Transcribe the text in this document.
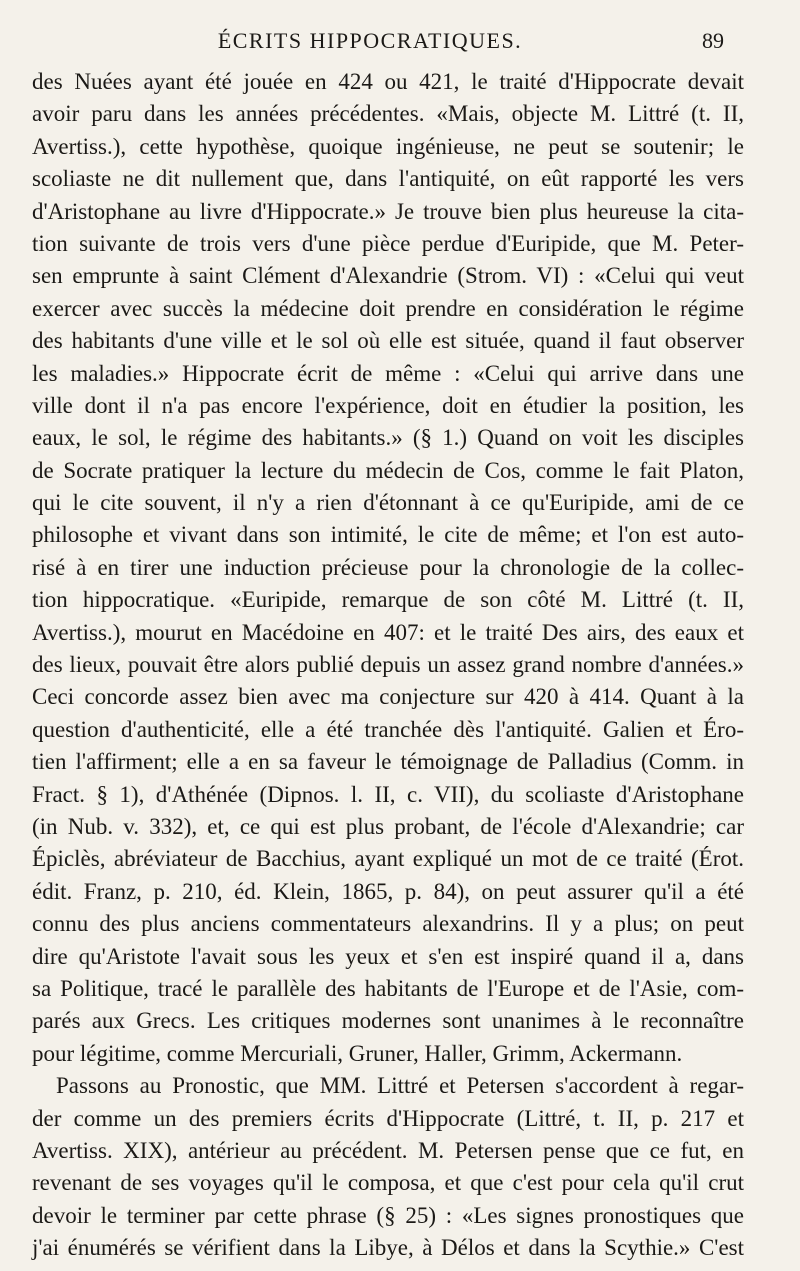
ÉCRITS HIPPOCRATIQUES.	89
des Nuées ayant été jouée en 424 ou 421, le traité d'Hippocrate devait
avoir paru dans les années précédentes. «Mais, objecte M. Littré (t. II,
Avertiss.), cette hypothèse, quoique ingénieuse, ne peut se soutenir; le
scoliaste ne dit nullement que, dans l'antiquité, on eût rapporté les vers
d'Aristophane au livre d'Hippocrate.» Je trouve bien plus heureuse la cita-
tion suivante de trois vers d'une pièce perdue d'Euripide, que M. Peter-
sen emprunte à saint Clément d'Alexandrie (Strom. VI) : «Celui qui veut
exercer avec succès la médecine doit prendre en considération le régime
des habitants d'une ville et le sol où elle est située, quand il faut observer
les maladies.» Hippocrate écrit de même : «Celui qui arrive dans une
ville dont il n'a pas encore l'expérience, doit en étudier la position, les
eaux, le sol, le régime des habitants.» (§ 1.) Quand on voit les disciples
de Socrate pratiquer la lecture du médecin de Cos, comme le fait Platon,
qui le cite souvent, il n'y a rien d'étonnant à ce qu'Euripide, ami de ce
philosophe et vivant dans son intimité, le cite de même; et l'on est auto-
risé à en tirer une induction précieuse pour la chronologie de la collec-
tion hippocratique. «Euripide, remarque de son côté M. Littré (t. II,
Avertiss.), mourut en Macédoine en 407: et le traité Des airs, des eaux et
des lieux, pouvait être alors publié depuis un assez grand nombre d'années.»
Ceci concorde assez bien avec ma conjecture sur 420 à 414. Quant à la
question d'authenticité, elle a été tranchée dès l'antiquité. Galien et Éro-
tien l'affirment; elle a en sa faveur le témoignage de Palladius (Comm. in
Fract. § 1), d'Athénée (Dipnos. l. II, c. VII), du scoliaste d'Aristophane
(in Nub. v. 332), et, ce qui est plus probant, de l'école d'Alexandrie; car
Épiclès, abréviateur de Bacchius, ayant expliqué un mot de ce traité (Érot.
édit. Franz, p. 210, éd. Klein, 1865, p. 84), on peut assurer qu'il a été
connu des plus anciens commentateurs alexandrins. Il y a plus; on peut
dire qu'Aristote l'avait sous les yeux et s'en est inspiré quand il a, dans
sa Politique, tracé le parallèle des habitants de l'Europe et de l'Asie, com-
parés aux Grecs. Les critiques modernes sont unanimes à le reconnaître
pour légitime, comme Mercuriali, Gruner, Haller, Grimm, Ackermann.
Passons au Pronostic, que MM. Littré et Petersen s'accordent à regar-
der comme un des premiers écrits d'Hippocrate (Littré, t. II, p. 217 et
Avertiss. XIX), antérieur au précédent. M. Petersen pense que ce fut, en
revenant de ses voyages qu'il le composa, et que c'est pour cela qu'il crut
devoir le terminer par cette phrase (§ 25) : «Les signes pronostiques que
j'ai énumérés se vérifient dans la Libye, à Délos et dans la Scythie.» C'est
